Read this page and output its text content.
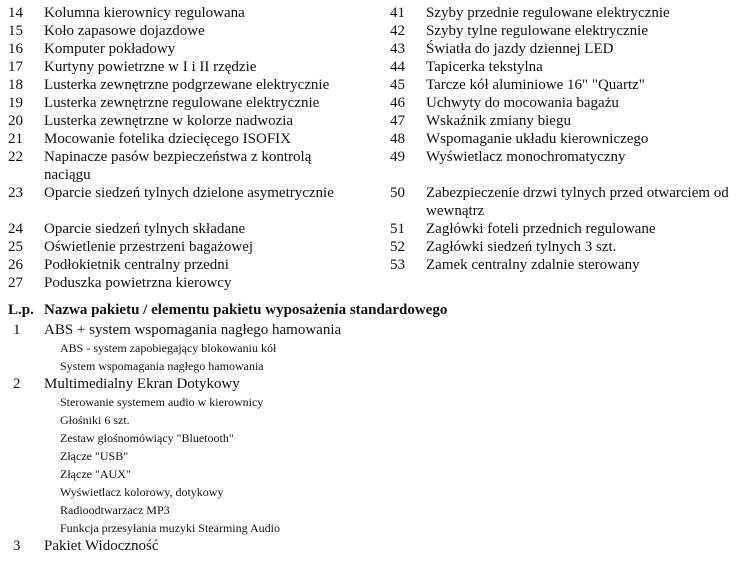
14	Kolumna kierownicy regulowana
15	Koło zapasowe dojazdowe
16	Komputer pokładowy
17	Kurtyny powietrzne w I i II rzędzie
18	Lusterka zewnętrzne podgrzewane elektrycznie
19	Lusterka zewnętrzne regulowane elektrycznie
20	Lusterka zewnętrzne w kolorze nadwozia
21	Mocowanie fotelika dziecięcego ISOFIX
22	Napinacze pasów bezpieczeństwa z kontrolą naciągu
23	Oparcie siedzeń tylnych dzielone asymetrycznie
24	Oparcie siedzeń tylnych składane
25	Oświetlenie przestrzeni bagażowej
26	Podłokietnik centralny przedni
27	Poduszka powietrzna kierowcy
41	Szyby przednie regulowane elektrycznie
42	Szyby tylne regulowane elektrycznie
43	Światła do jazdy dziennej LED
44	Tapicerka tekstylna
45	Tarcze kół aluminiowe 16" "Quartz"
46	Uchwyty do mocowania bagażu
47	Wskaźnik zmiany biegu
48	Wspomaganie układu kierowniczego
49	Wyświetlacz monochromatyczny
50	Zabezpieczenie drzwi tylnych przed otwarciem od wewnątrz
51	Zagłówki foteli przednich regulowane
52	Zagłówki siedzeń tylnych 3 szt.
53	Zamek centralny zdalnie sterowany
L.p. Nazwa pakietu / elementu pakietu wyposażenia standardowego
1	ABS + system wspomagania nagłego hamowania
ABS - system zapobiegający blokowaniu kół
System wspomagania nagłego hamowania
2	Multimedialny Ekran Dotykowy
Sterowanie systemem audio w kierownicy
Głośniki 6 szt.
Zestaw głośnomówiący "Bluetooth"
Złącze "USB"
Złącze "AUX"
Wyświetlacz kolorowy, dotykowy
Radioodtwarzacz MP3
Funkcja przesyłania muzyki Stearming Audio
3	Pakiet Widoczność
